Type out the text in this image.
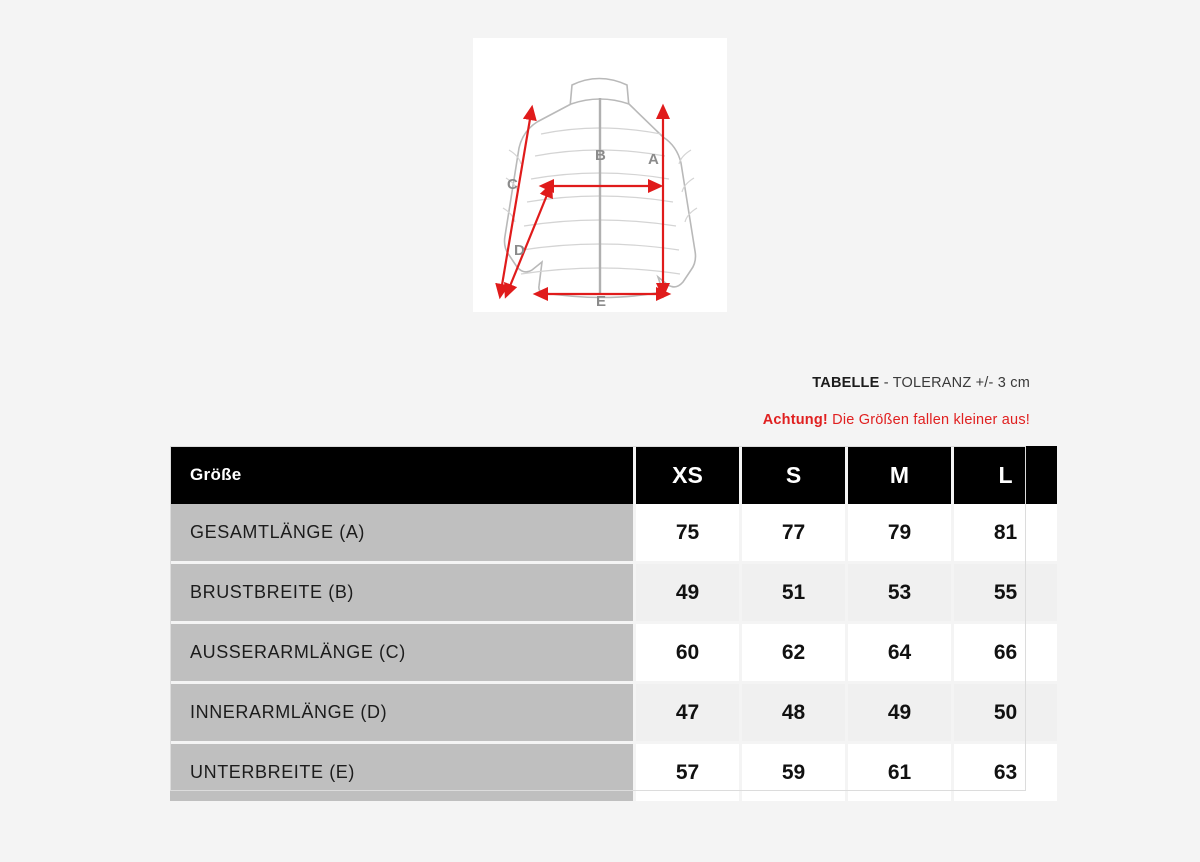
A
B
C
D
E
TABELLE - TOLERANZ +/- 3 cm
Achtung! Die Größen fallen kleiner aus!
Größe	XS	S	M	L
GESAMTLÄNGE (A)	75	77	79	81
BRUSTBREITE (B)	49	51	53	55
AUSSERARMLÄNGE (C)	60	62	64	66
INNERARMLÄNGE (D)	47	48	49	50
UNTERBREITE (E)	57	59	61	63
